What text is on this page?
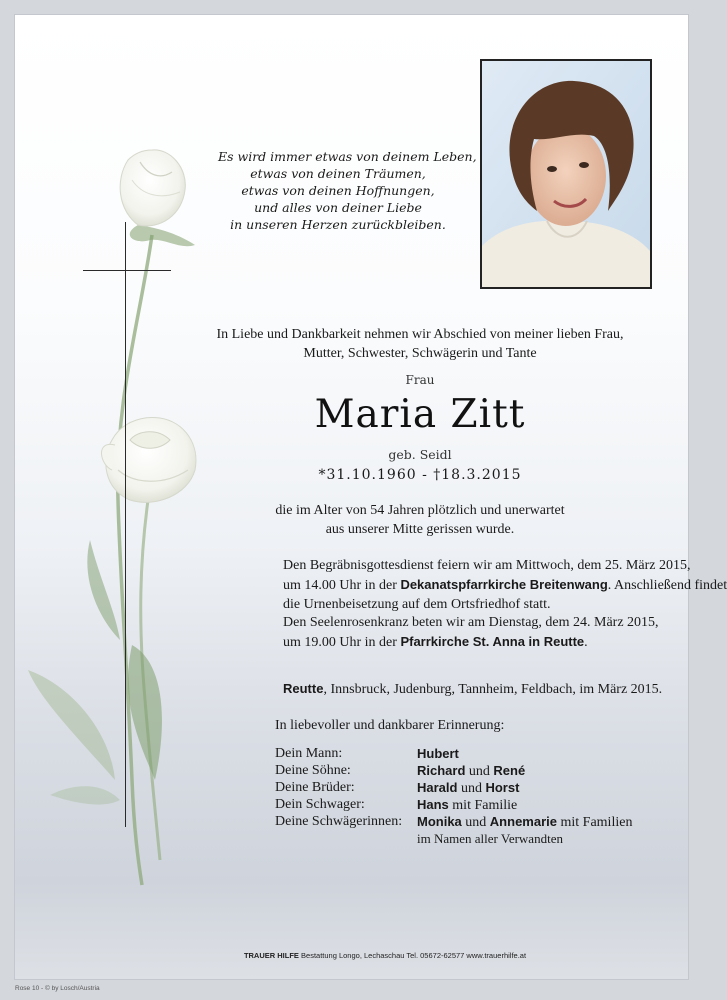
Es wird immer etwas von deinem Leben,
etwas von deinen Träumen,
etwas von deinen Hoffnungen,
und alles von deiner Liebe
in unseren Herzen zurückbleiben.
In Liebe und Dankbarkeit nehmen wir Abschied von meiner lieben Frau,
Mutter, Schwester, Schwägerin und Tante
Frau
Maria Zitt
geb. Seidl
*31.10.1960 - †18.3.2015
die im Alter von 54 Jahren plötzlich und unerwartet
aus unserer Mitte gerissen wurde.
Den Begräbnisgottesdienst feiern wir am Mittwoch, dem 25. März 2015,
um 14.00 Uhr in der Dekanatspfarrkirche Breitenwang. Anschließend findet
die Urnenbeisetzung auf dem Ortsfriedhof statt.
Den Seelenrosenkranz beten wir am Dienstag, dem 24. März 2015,
um 19.00 Uhr in der Pfarrkirche St. Anna in Reutte.
Reutte, Innsbruck, Judenburg, Tannheim, Feldbach, im März 2015.
In liebevoller und dankbarer Erinnerung:
Dein Mann:	Hubert
Deine Söhne:	Richard und René
Deine Brüder:	Harald und Horst
Dein Schwager:	Hans mit Familie
Deine Schwägerinnen:	Monika und Annemarie mit Familien
im Namen aller Verwandten
TRAUER HILFE Bestattung Longo, Lechaschau Tel. 05672-62577 www.trauerhilfe.at
Rose 10 - © by Losch/Austria
